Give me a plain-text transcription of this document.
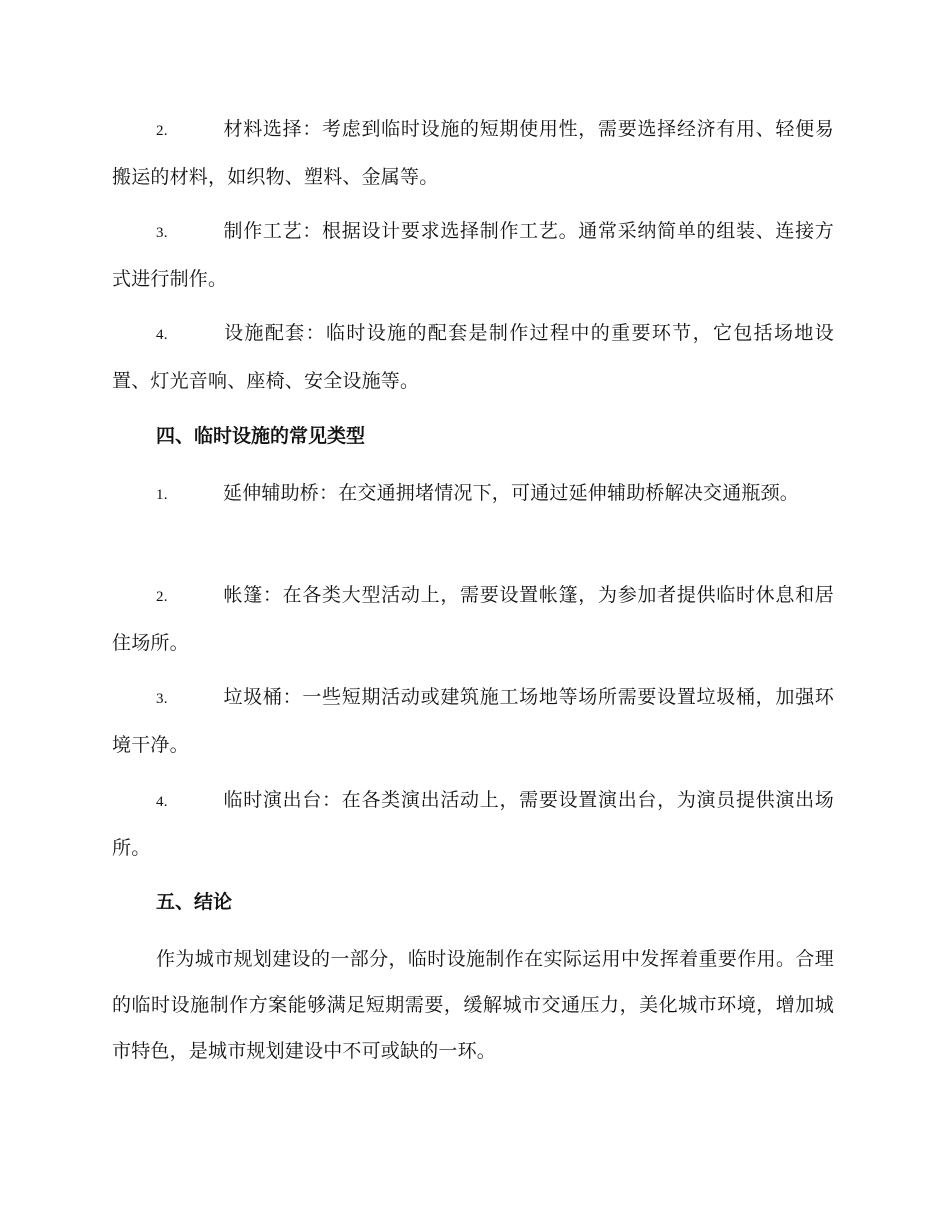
2.	材料选择：考虑到临时设施的短期使用性，需要选择经济有用、轻便易搬运的材料，如织物、塑料、金属等。
3.	制作工艺：根据设计要求选择制作工艺。通常采纳简单的组装、连接方式进行制作。
4.	设施配套：临时设施的配套是制作过程中的重要环节，它包括场地设置、灯光音响、座椅、安全设施等。
四、临时设施的常见类型
1.	延伸辅助桥：在交通拥堵情况下，可通过延伸辅助桥解决交通瓶颈。
2.	帐篷：在各类大型活动上，需要设置帐篷，为参加者提供临时休息和居住场所。
3.	垃圾桶：一些短期活动或建筑施工场地等场所需要设置垃圾桶，加强环境干净。
4.	临时演出台：在各类演出活动上，需要设置演出台，为演员提供演出场所。
五、结论
作为城市规划建设的一部分，临时设施制作在实际运用中发挥着重要作用。合理的临时设施制作方案能够满足短期需要，缓解城市交通压力，美化城市环境，增加城市特色，是城市规划建设中不可或缺的一环。
